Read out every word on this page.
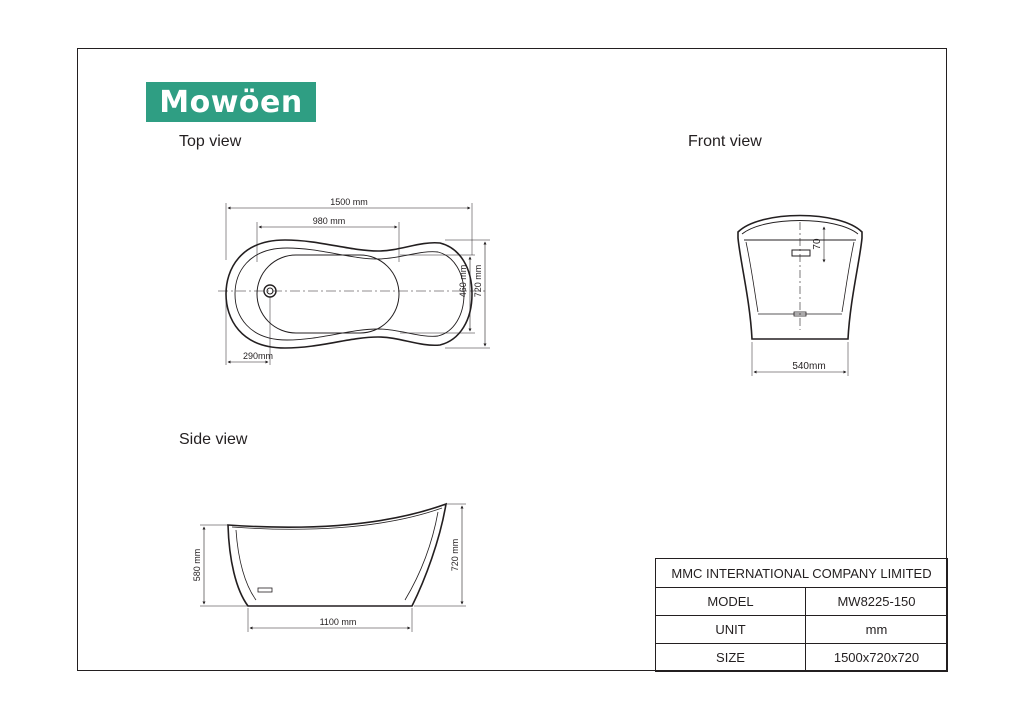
Mowöen
Top view	Front view
Side view
1500 mm
980 mm
460 mm 720 mm
290mm
70
540mm
580 mm	720 mm
1100 mm
MMC INTERNATIONAL COMPANY LIMITED	
MODEL	MW8225-150
UNIT	mm
SIZE	1500x720x720
